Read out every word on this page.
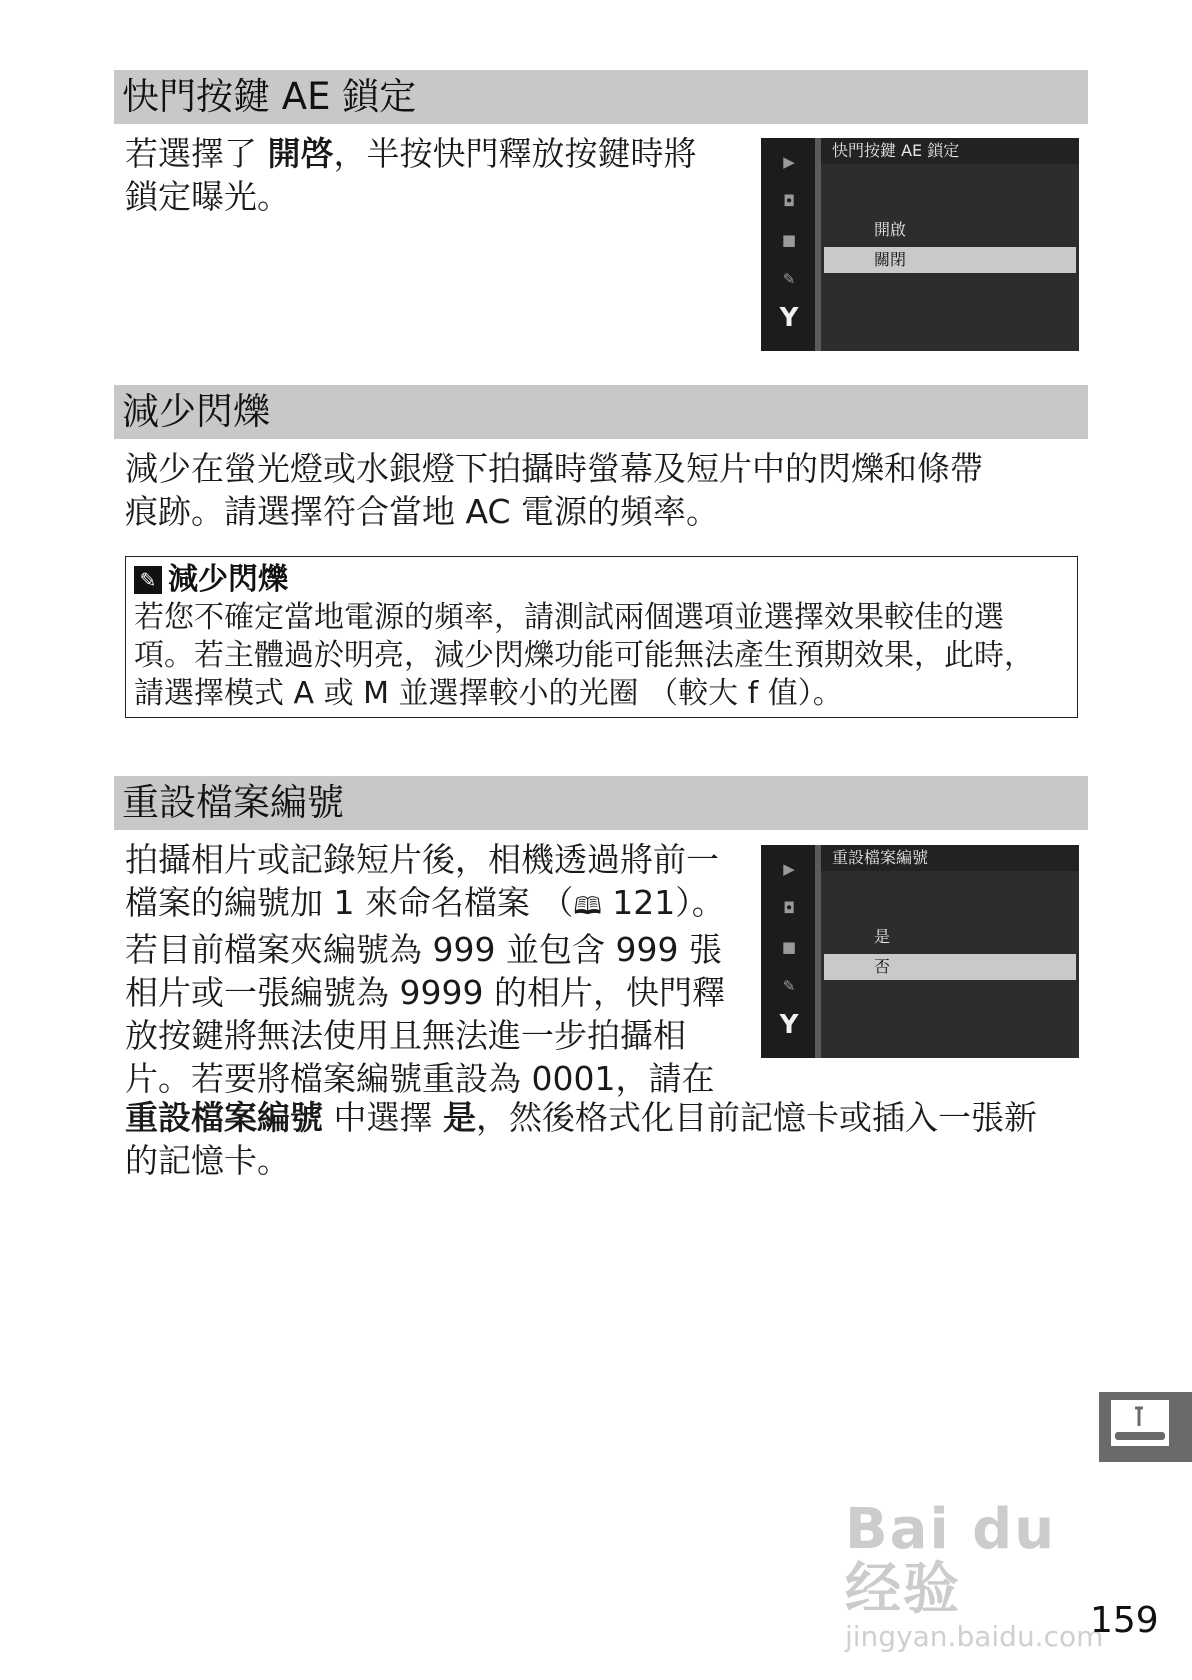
快門按鍵 AE 鎖定
若選擇了 開啓，半按快門釋放按鍵時將
鎖定曝光。
▶
◘
■
✎
Y
快門按鍵 AE 鎖定
開啟
關閉
減少閃爍
減少在螢光燈或水銀燈下拍攝時螢幕及短片中的閃爍和條帶
痕跡。請選擇符合當地 AC 電源的頻率。
✎ 減少閃爍
若您不確定當地電源的頻率，請測試兩個選項並選擇效果較佳的選
項。若主體過於明亮，減少閃爍功能可能無法產生預期效果，此時，
請選擇模式 A 或 M 並選擇較小的光圈 （較大 f 值）。
重設檔案編號
拍攝相片或記錄短片後，相機透過將前一
檔案的編號加 1 來命名檔案 （🕮 121）。
若目前檔案夾編號為 999 並包含 999 張
相片或一張編號為 9999 的相片，快門釋
放按鍵將無法使用且無法進一步拍攝相
片。若要將檔案編號重設為 0001，請在
重設檔案編號 中選擇 是，然後格式化目前記憶卡或插入一張新
的記憶卡。
▶
◘
■
✎
Y
重設檔案編號
是
否
Bai du 经验
jingyan.baidu.com
159
